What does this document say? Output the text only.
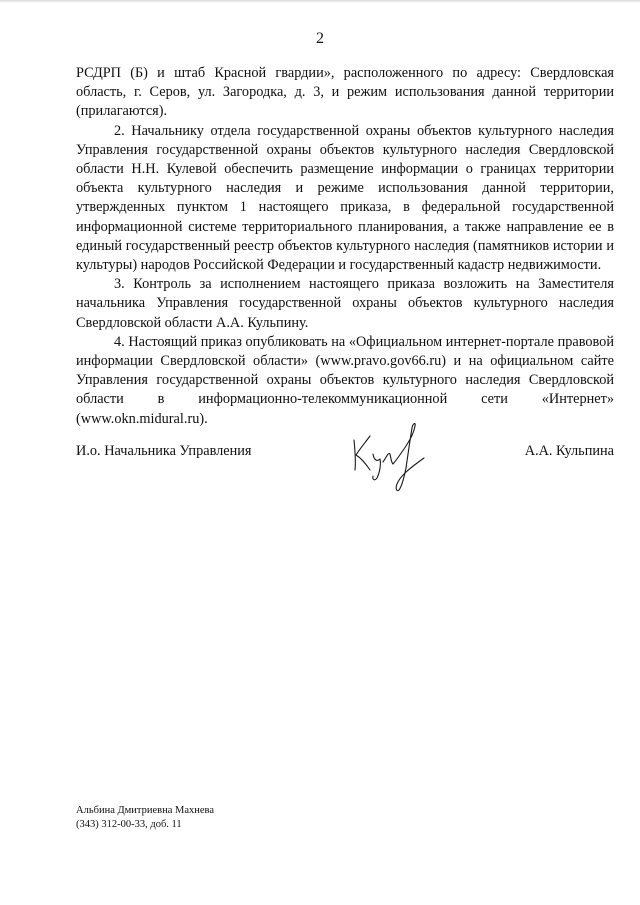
2

РСДРП (Б) и штаб Красной гвардии», расположенного по адресу: Свердловская область, г. Серов, ул. Загородка, д. 3, и режим использования данной территории (прилагаются).

2. Начальнику отдела государственной охраны объектов культурного наследия Управления государственной охраны объектов культурного наследия Свердловской области Н.Н. Кулевой обеспечить размещение информации о границах территории объекта культурного наследия и режиме использования данной территории, утвержденных пунктом 1 настоящего приказа, в федеральной государственной информационной системе территориального планирования, а также направление ее в единый государственный реестр объектов культурного наследия (памятников истории и культуры) народов Российской Федерации и государственный кадастр недвижимости.

3. Контроль за исполнением настоящего приказа возложить на Заместителя начальника Управления государственной охраны объектов культурного наследия Свердловской области А.А. Кульпину.

4. Настоящий приказ опубликовать на «Официальном интернет-портале правовой информации Свердловской области» (www.pravo.gov66.ru) и на официальном сайте Управления государственной охраны объектов культурного наследия Свердловской области в информационно-телекоммуникационной сети «Интернет» (www.okn.midural.ru).

И.о. Начальника Управления	А.А. Кульпина
Альбина Дмитриевна Махнева
(343) 312-00-33, доб. 11
